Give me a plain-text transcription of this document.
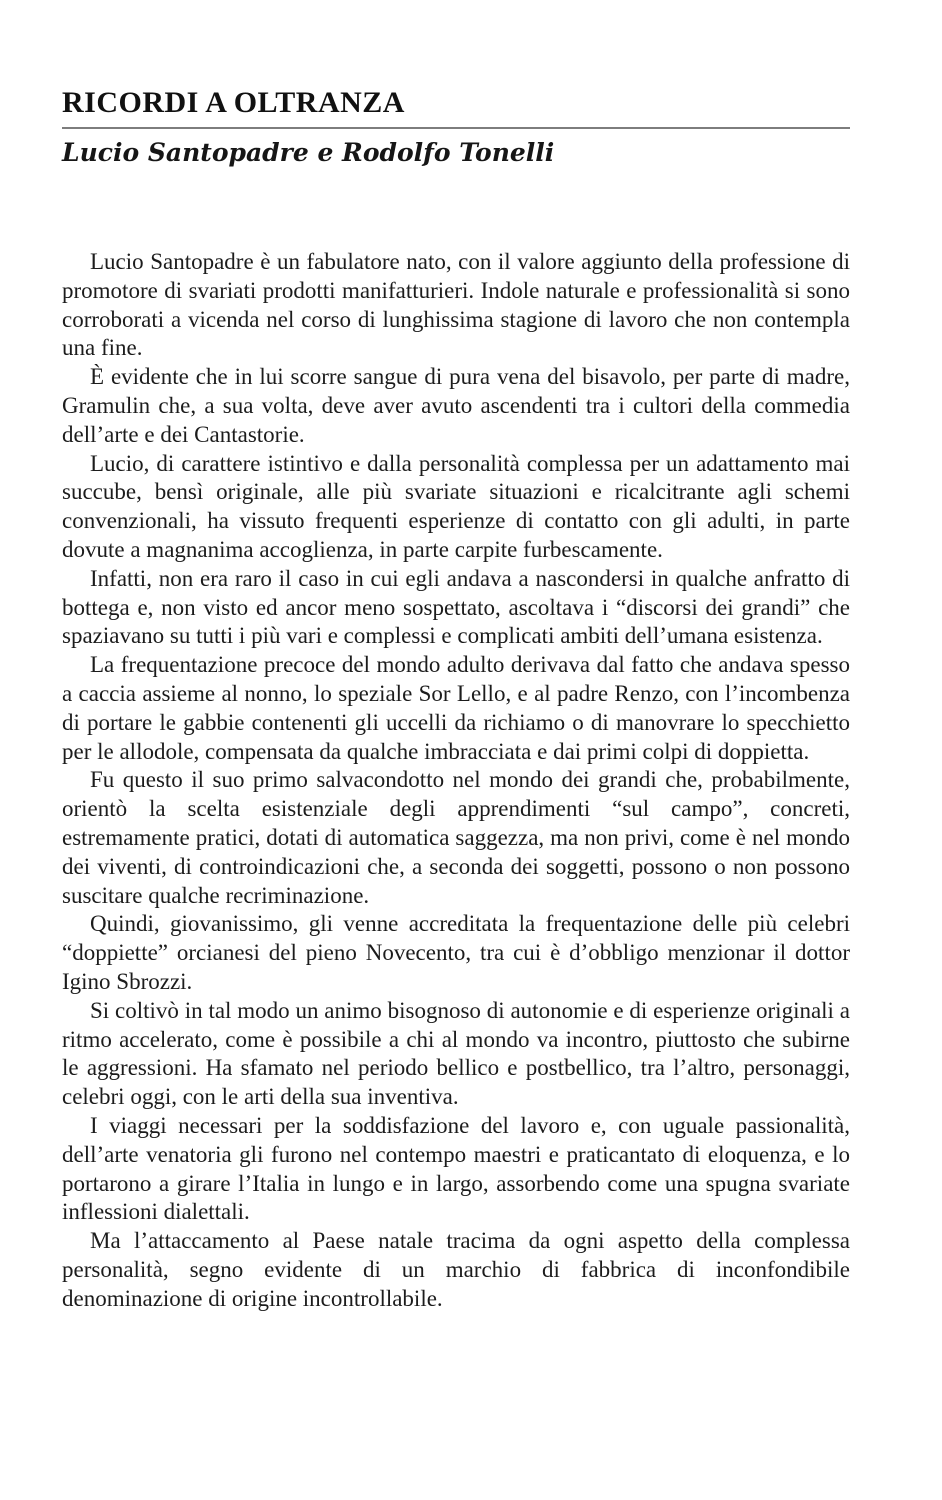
RICORDI A OLTRANZA
Lucio Santopadre e Rodolfo Tonelli

Lucio Santopadre è un fabulatore nato, con il valore aggiunto della professione di promotore di svariati prodotti manifatturieri. Indole naturale e professionalità si sono corroborati a vicenda nel corso di lunghissima stagione di lavoro che non contempla una fine.

È evidente che in lui scorre sangue di pura vena del bisavolo, per parte di madre, Gramulin che, a sua volta, deve aver avuto ascendenti tra i cultori della commedia dell’arte e dei Cantastorie.

Lucio, di carattere istintivo e dalla personalità complessa per un adattamento mai succube, bensì originale, alle più svariate situazioni e ricalcitrante agli schemi convenzionali, ha vissuto frequenti esperienze di contatto con gli adulti, in parte dovute a magnanima accoglienza, in parte carpite furbescamente.

Infatti, non era raro il caso in cui egli andava a nascondersi in qualche anfratto di bottega e, non visto ed ancor meno sospettato, ascoltava i “discorsi dei grandi” che spaziavano su tutti i più vari e complessi e complicati ambiti dell’umana esistenza.

La frequentazione precoce del mondo adulto derivava dal fatto che andava spesso a caccia assieme al nonno, lo speziale Sor Lello, e al padre Renzo, con l’incombenza di portare le gabbie contenenti gli uccelli da richiamo o di manovrare lo specchietto per le allodole, compensata da qualche imbracciata e dai primi colpi di doppietta.

Fu questo il suo primo salvacondotto nel mondo dei grandi che, probabilmente, orientò la scelta esistenziale degli apprendimenti “sul campo”, concreti, estremamente pratici, dotati di automatica saggezza, ma non privi, come è nel mondo dei viventi, di controindicazioni che, a seconda dei soggetti, possono o non possono suscitare qualche recriminazione.

Quindi, giovanissimo, gli venne accreditata la frequentazione delle più celebri “doppiette” orcianesi del pieno Novecento, tra cui è d’obbligo menzionar il dottor Igino Sbrozzi.

Si coltivò in tal modo un animo bisognoso di autonomie e di esperienze originali a ritmo accelerato, come è possibile a chi al mondo va incontro, piuttosto che subirne le aggressioni. Ha sfamato nel periodo bellico e postbellico, tra l’altro, personaggi, celebri oggi, con le arti della sua inventiva.

I viaggi necessari per la soddisfazione del lavoro e, con uguale passionalità, dell’arte venatoria gli furono nel contempo maestri e praticantato di eloquenza, e lo portarono a girare l’Italia in lungo e in largo, assorbendo come una spugna svariate inflessioni dialettali.

Ma l’attaccamento al Paese natale tracima da ogni aspetto della complessa personalità, segno evidente di un marchio di fabbrica di inconfondibile denominazione di origine incontrollabile.
